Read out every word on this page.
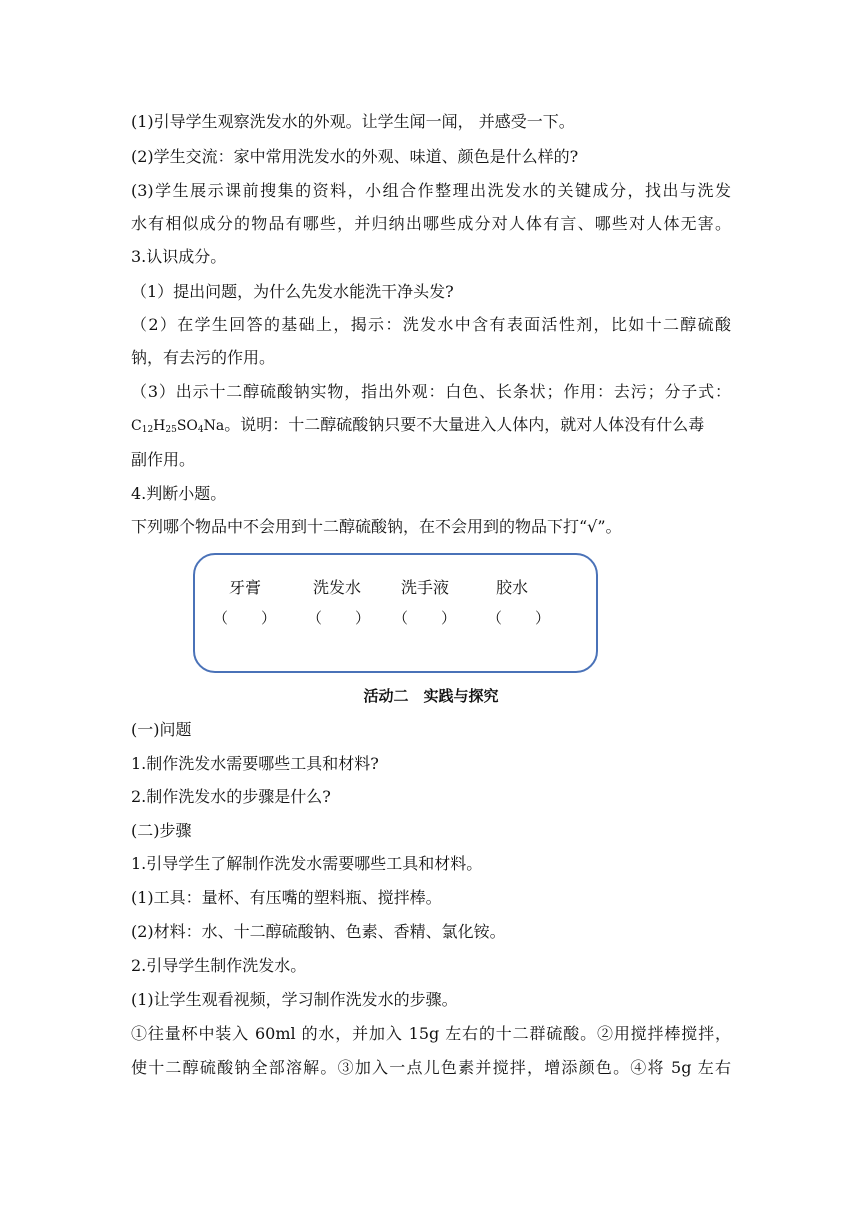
(1)引导学生观察洗发水的外观。让学生闻一闻， 并感受一下。
(2)学生交流：家中常用洗发水的外观、味道、颜色是什么样的?
(3)学生展示课前搜集的资料，小组合作整理出洗发水的关键成分，找出与洗发
水有相似成分的物品有哪些，并归纳出哪些成分对人体有言、哪些对人体无害。
3.认识成分。
（1）提出问题，为什么先发水能洗干净头发?
（2）在学生回答的基础上，揭示：洗发水中含有表面活性剂，比如十二醇硫酸
钠，有去污的作用。
（3）出示十二醇硫酸钠实物，指出外观：白色、长条状；作用：去污；分子式：
$C_{12}H_{25}SO_4Na$。说明：十二醇硫酸钠只要不大量进入人体内，就对人体没有什么毒
副作用。
4.判断小题。
下列哪个物品中不会用到十二醇硫酸钠，在不会用到的物品下打“√”。
牙膏	洗发水 洗手液	胶水
（　　） （　　） （　　） （　　）
活动二　实践与探究
(一)问题
1.制作洗发水需要哪些工具和材料?
2.制作洗发水的步骤是什么?
(二)步骤
1.引导学生了解制作洗发水需要哪些工具和材料。
(1)工具：量杯、有压嘴的塑料瓶、搅拌棒。
(2)材料：水、十二醇硫酸钠、色素、香精、氯化铵。
2.引导学生制作洗发水。
(1)让学生观看视频，学习制作洗发水的步骤。
①往量杯中装入 60ml 的水，并加入 15g 左右的十二群硫酸。②用搅拌棒搅拌，
使十二醇硫酸钠全部溶解。③加入一点儿色素并搅拌，增添颜色。④将 5g 左右
